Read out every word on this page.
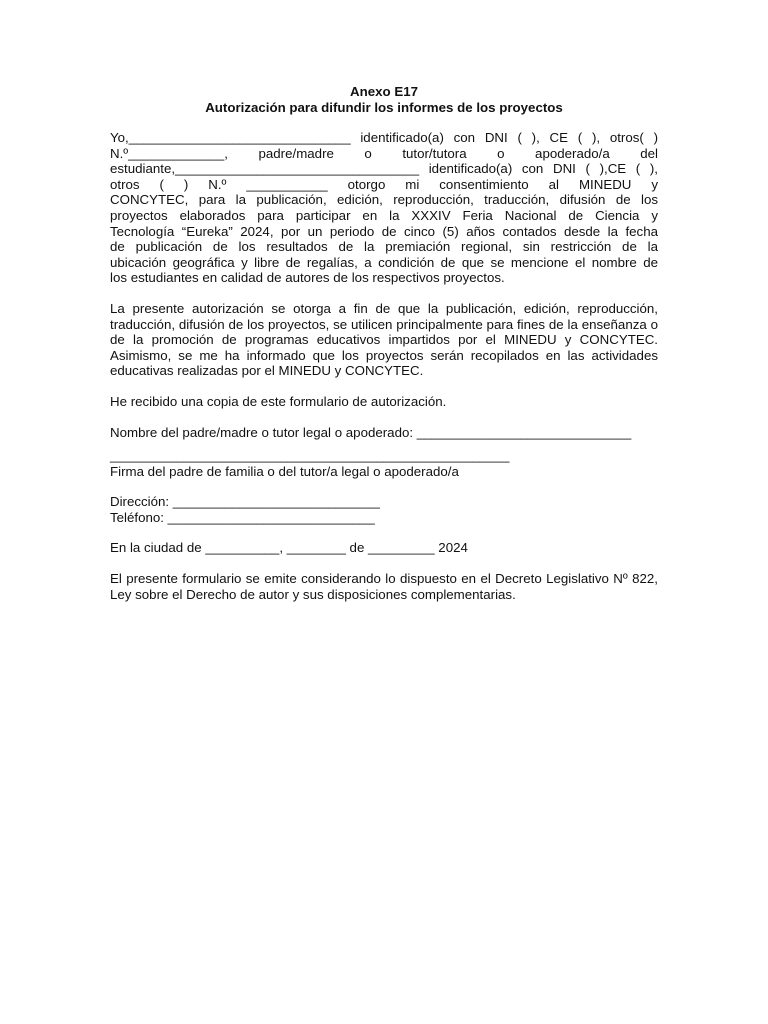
Anexo E17

Autorización para difundir los informes de los proyectos

Yo,______________________________ identificado(a) con DNI ( ), CE ( ), otros( )

N.º_____________, padre/madre o tutor/tutora o apoderado/a del

estudiante,_________________________________ identificado(a) con DNI ( ),CE ( ),

otros ( ) N.º ___________ otorgo mi consentimiento al MINEDU y

CONCYTEC, para la publicación, edición, reproducción, traducción, difusión de los

proyectos elaborados para participar en la XXXIV Feria Nacional de Ciencia y

Tecnología “Eureka” 2024, por un periodo de cinco (5) años contados desde la fecha

de publicación de los resultados de la premiación regional, sin restricción de la

ubicación geográfica y libre de regalías, a condición de que se mencione el nombre de

los estudiantes en calidad de autores de los respectivos proyectos.

La presente autorización se otorga a fin de que la publicación, edición, reproducción, traducción, difusión de los proyectos, se utilicen principalmente para fines de la enseñanza o de la promoción de programas educativos impartidos por el MINEDU y CONCYTEC. Asimismo, se me ha informado que los proyectos serán recopilados en las actividades educativas realizadas por el MINEDU y CONCYTEC.

He recibido una copia de este formulario de autorización.

Nombre del padre/madre o tutor legal o apoderado: _____________________________

______________________________________________________

Firma del padre de familia o del tutor/a legal o apoderado/a

Dirección: ____________________________

Teléfono: ____________________________

En la ciudad de __________, ________ de _________ 2024

El presente formulario se emite considerando lo dispuesto en el Decreto Legislativo Nº 822, Ley sobre el Derecho de autor y sus disposiciones complementarias.
